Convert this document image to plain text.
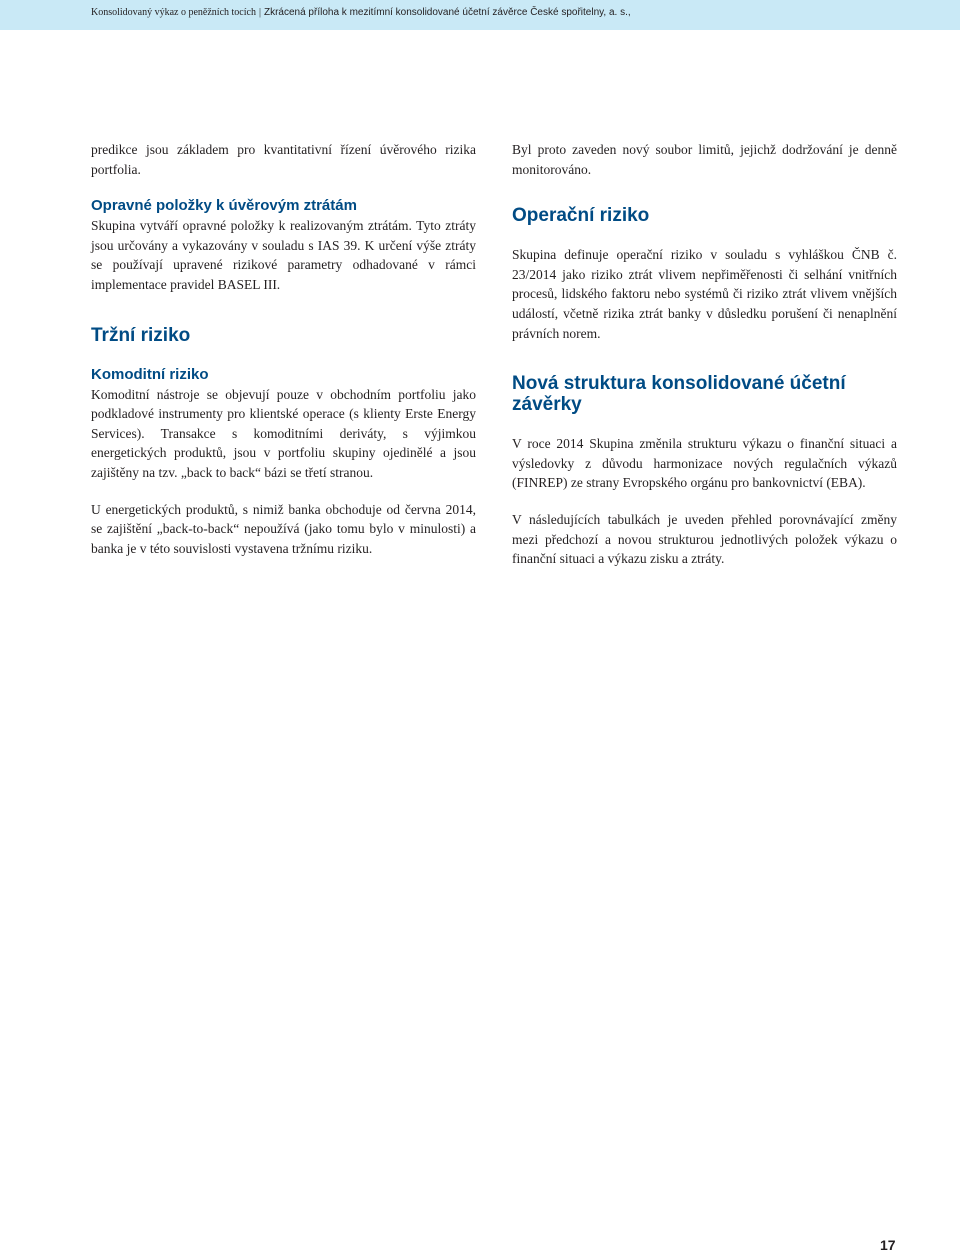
Konsolidovaný výkaz o peněžních tocích | Zkrácená příloha k mezitímní konsolidované účetní závěrce České spořitelny, a. s.,

predikce jsou základem pro kvantitativní řízení úvěrového rizika portfolia.

Opravné položky k úvěrovým ztrátám

Skupina vytváří opravné položky k realizovaným ztrátám. Tyto ztráty jsou určovány a vykazovány v souladu s IAS 39. K určení výše ztráty se používají upravené rizikové parametry odhadované v rámci implementace pravidel BASEL III.

Tržní riziko
Komoditní riziko

Komoditní nástroje se objevují pouze v obchodním portfoliu jako podkladové instrumenty pro klientské operace (s klienty Erste Energy Services). Transakce s komoditními deriváty, s výjimkou energetických produktů, jsou v portfoliu skupiny ojedinělé a jsou zajištěny na tzv. „back to back“ bázi se třetí stranou.

U energetických produktů, s nimiž banka obchoduje od června 2014, se zajištění „back-to-back“ nepoužívá (jako tomu bylo v minulosti) a banka je v této souvislosti vystavena tržnímu riziku.

Byl proto zaveden nový soubor limitů, jejichž dodržování je denně monitorováno.

Operační riziko

Skupina definuje operační riziko v souladu s vyhláškou ČNB č. 23/2014 jako riziko ztrát vlivem nepřiměřenosti či selhání vnitřních procesů, lidského faktoru nebo systémů či riziko ztrát vlivem vnějších událostí, včetně rizika ztrát banky v důsledku porušení či nenaplnění právních norem.

Nová struktura konsolidované účetní závěrky

V roce 2014 Skupina změnila strukturu výkazu o finanční situaci a výsledovky z důvodu harmonizace nových regulačních výkazů (FINREP) ze strany Evropského orgánu pro bankovnictví (EBA).

V následujících tabulkách je uveden přehled porovnávající změny mezi předchozí a novou strukturou jednotlivých položek výkazu o finanční situaci a výkazu zisku a ztráty.

17
